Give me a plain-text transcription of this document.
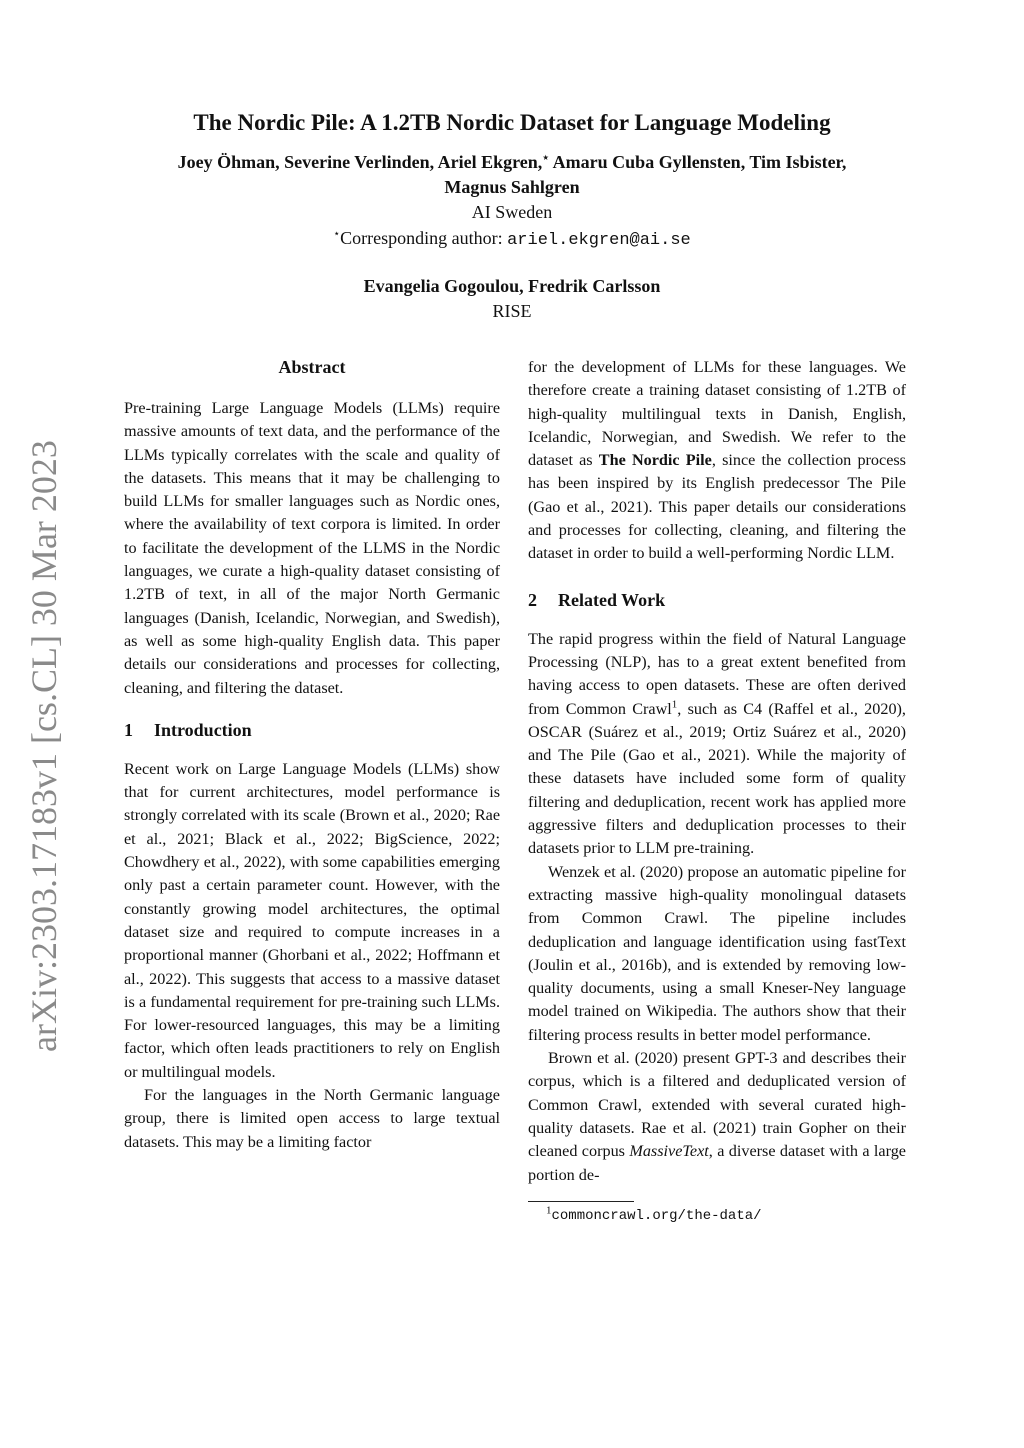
arXiv:2303.17183v1 [cs.CL] 30 Mar 2023
The Nordic Pile: A 1.2TB Nordic Dataset for Language Modeling
Joey Öhman, Severine Verlinden, Ariel Ekgren,⋆ Amaru Cuba Gyllensten, Tim Isbister,
Magnus Sahlgren
AI Sweden
⋆Corresponding author: ariel.ekgren@ai.se
Evangelia Gogoulou, Fredrik Carlsson
RISE
Abstract

Pre-training Large Language Models (LLMs) require massive amounts of text data, and the performance of the LLMs typically correlates with the scale and quality of the datasets. This means that it may be challenging to build LLMs for smaller languages such as Nordic ones, where the availability of text corpora is limited. In order to facilitate the development of the LLMS in the Nordic languages, we curate a high-quality dataset consisting of 1.2TB of text, in all of the major North Germanic languages (Danish, Icelandic, Norwegian, and Swedish), as well as some high-quality English data. This paper details our considerations and processes for collecting, cleaning, and filtering the dataset.

1 Introduction

Recent work on Large Language Models (LLMs) show that for current architectures, model performance is strongly correlated with its scale (Brown et al., 2020; Rae et al., 2021; Black et al., 2022; BigScience, 2022; Chowdhery et al., 2022), with some capabilities emerging only past a certain parameter count. However, with the constantly growing model architectures, the optimal dataset size and required to compute increases in a proportional manner (Ghorbani et al., 2022; Hoffmann et al., 2022). This suggests that access to a massive dataset is a fundamental requirement for pre-training such LLMs. For lower-resourced languages, this may be a limiting factor, which often leads practitioners to rely on English or multilingual models.

For the languages in the North Germanic language group, there is limited open access to large textual datasets. This may be a limiting factor

for the development of LLMs for these languages. We therefore create a training dataset consisting of 1.2TB of high-quality multilingual texts in Danish, English, Icelandic, Norwegian, and Swedish. We refer to the dataset as The Nordic Pile, since the collection process has been inspired by its English predecessor The Pile (Gao et al., 2021). This paper details our considerations and processes for collecting, cleaning, and filtering the dataset in order to build a well-performing Nordic LLM.

2 Related Work

The rapid progress within the field of Natural Language Processing (NLP), has to a great extent benefited from having access to open datasets. These are often derived from Common Crawl$^1$, such as C4 (Raffel et al., 2020), OSCAR (Suárez et al., 2019; Ortiz Suárez et al., 2020) and The Pile (Gao et al., 2021). While the majority of these datasets have included some form of quality filtering and deduplication, recent work has applied more aggressive filters and deduplication processes to their datasets prior to LLM pre-training.

Wenzek et al. (2020) propose an automatic pipeline for extracting massive high-quality monolingual datasets from Common Crawl. The pipeline includes deduplication and language identification using fastText (Joulin et al., 2016b), and is extended by removing low-quality documents, using a small Kneser-Ney language model trained on Wikipedia. The authors show that their filtering process results in better model performance.

Brown et al. (2020) present GPT-3 and describes their corpus, which is a filtered and deduplicated version of Common Crawl, extended with several curated high-quality datasets. Rae et al. (2021) train Gopher on their cleaned corpus MassiveText, a diverse dataset with a large portion de-

$^1$commoncrawl.org/the-data/
